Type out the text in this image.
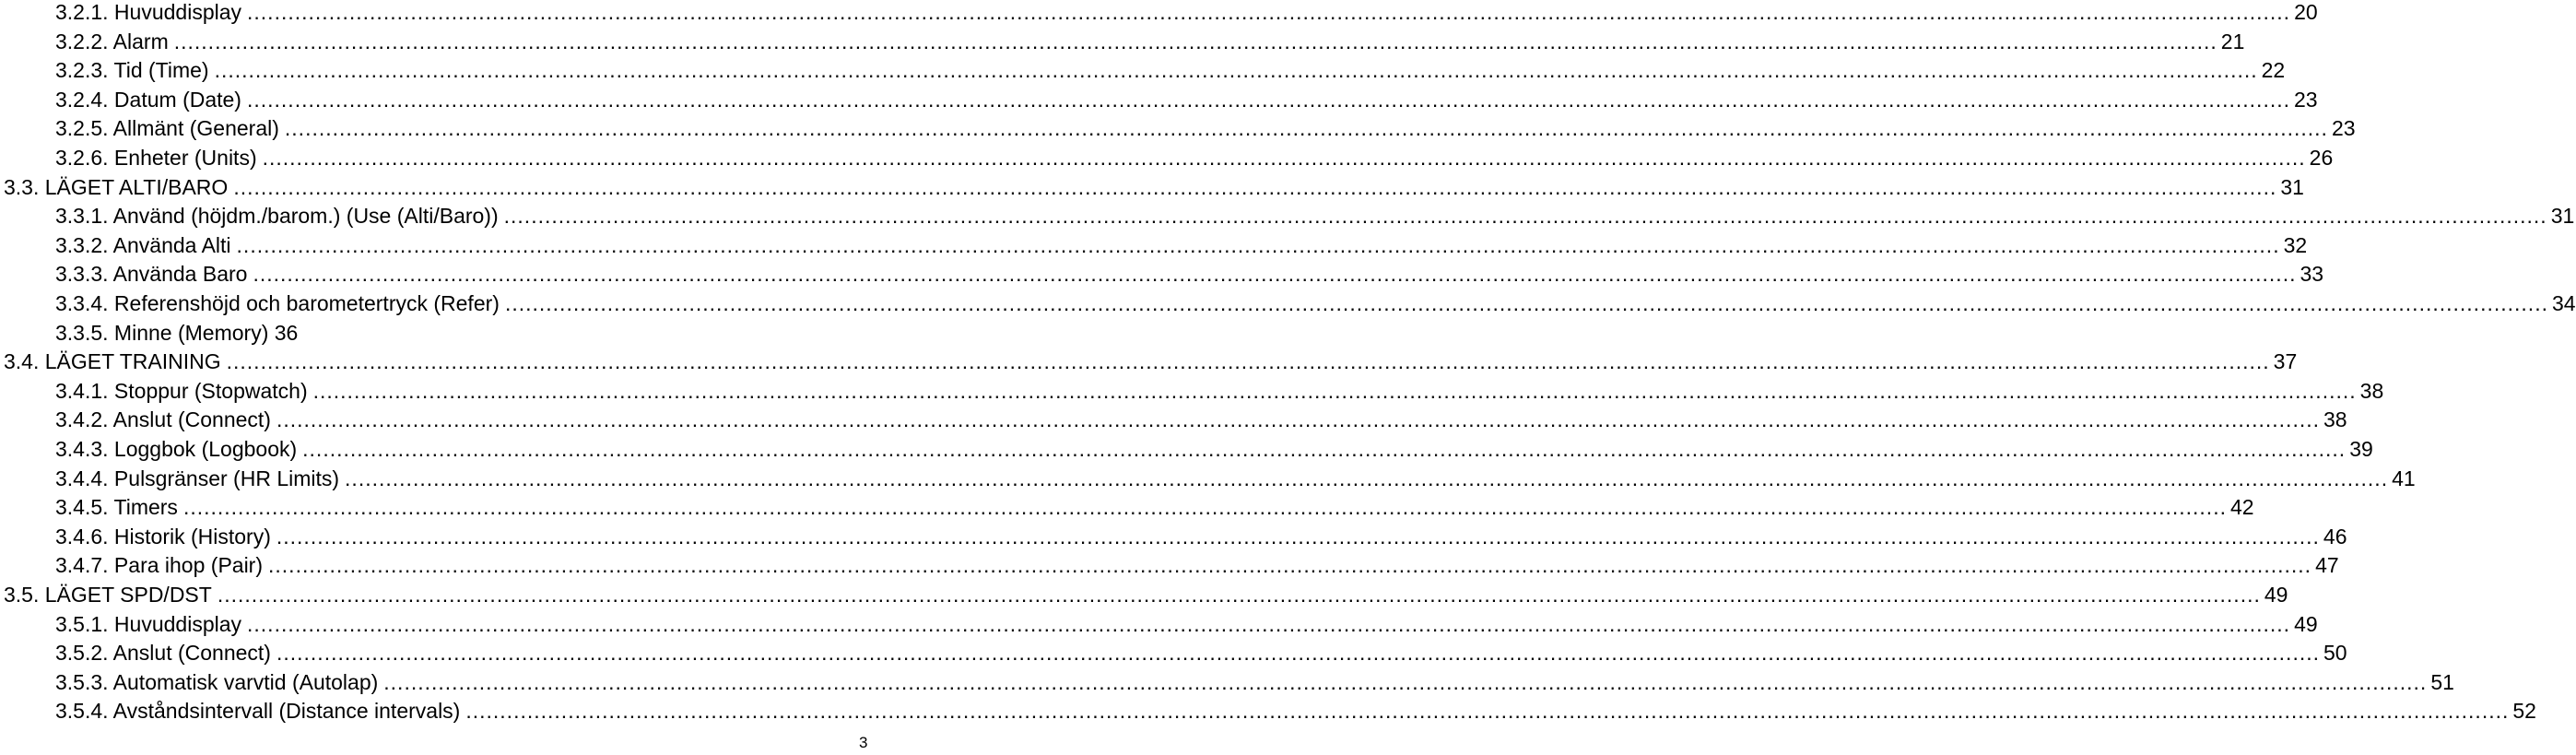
3.2.1. Huvuddisplay ............................................................................................................................................................................................................................................................................................................ 20
3.2.2. Alarm ............................................................................................................................................................................................................................................................................................................ 21
3.2.3. Tid (Time) ............................................................................................................................................................................................................................................................................................................ 22
3.2.4. Datum (Date) ............................................................................................................................................................................................................................................................................................................ 23
3.2.5. Allmänt (General) ............................................................................................................................................................................................................................................................................................................ 23
3.2.6. Enheter (Units) ............................................................................................................................................................................................................................................................................................................ 26
3.3. LÄGET ALTI/BARO ............................................................................................................................................................................................................................................................................................................ 31
3.3.1. Använd (höjdm./barom.) (Use (Alti/Baro)) ............................................................................................................................................................................................................................................................................................................ 31
3.3.2. Använda Alti ............................................................................................................................................................................................................................................................................................................ 32
3.3.3. Använda Baro ............................................................................................................................................................................................................................................................................................................ 33
3.3.4. Referenshöjd och barometertryck (Refer) ............................................................................................................................................................................................................................................................................................................ 34
3.3.5. Minne (Memory) 36
3.4. LÄGET TRAINING ............................................................................................................................................................................................................................................................................................................ 37
3.4.1. Stoppur (Stopwatch) ............................................................................................................................................................................................................................................................................................................ 38
3.4.2. Anslut (Connect) ............................................................................................................................................................................................................................................................................................................ 38
3.4.3. Loggbok (Logbook) ............................................................................................................................................................................................................................................................................................................ 39
3.4.4. Pulsgränser (HR Limits) ............................................................................................................................................................................................................................................................................................................ 41
3.4.5. Timers ............................................................................................................................................................................................................................................................................................................ 42
3.4.6. Historik (History) ............................................................................................................................................................................................................................................................................................................ 46
3.4.7. Para ihop (Pair) ............................................................................................................................................................................................................................................................................................................ 47
3.5. LÄGET SPD/DST ............................................................................................................................................................................................................................................................................................................ 49
3.5.1. Huvuddisplay ............................................................................................................................................................................................................................................................................................................ 49
3.5.2. Anslut (Connect) ............................................................................................................................................................................................................................................................................................................ 50
3.5.3. Automatisk varvtid (Autolap) ............................................................................................................................................................................................................................................................................................................ 51
3.5.4. Avståndsintervall (Distance intervals) ............................................................................................................................................................................................................................................................................................................ 52
3
